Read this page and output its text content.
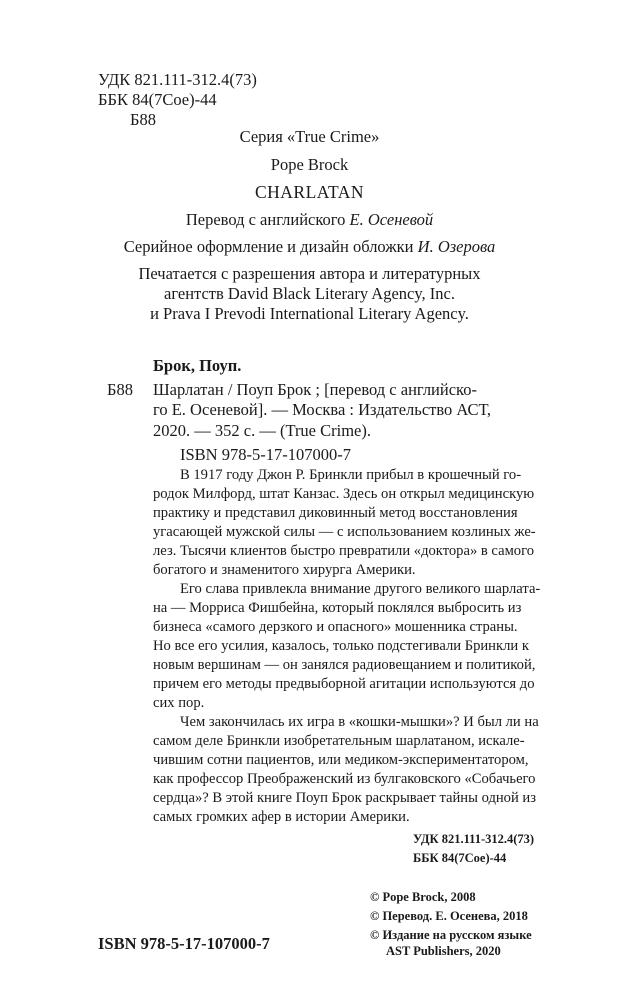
УДК 821.111-312.4(73)
ББК 84(7Сое)-44
Б88
Серия «True Crime»
Pope Brock
CHARLATAN
Перевод с английского Е. Осеневой
Серийное оформление и дизайн обложки И. Озерова
Печатается с разрешения автора и литературных
агентств David Black Literary Agency, Inc.
и Prava I Prevodi International Literary Agency.
Брок, Поуп.
Б88 Шарлатан / Поуп Брок ; [перевод с английско-
го Е. Осеневой]. — Москва : Издательство АСТ,
2020. — 352 с. — (True Crime).
ISBN 978-5-17-107000-7
В 1917 году Джон Р. Бринкли прибыл в крошечный го-
родок Милфорд, штат Канзас. Здесь он открыл медицинскую
практику и представил диковинный метод восстановления
угасающей мужской силы — с использованием козлиных же-
лез. Тысячи клиентов быстро превратили «доктора» в самого
богатого и знаменитого хирурга Америки.
Его слава привлекла внимание другого великого шарлата-
на — Морриса Фишбейна, который поклялся выбросить из
бизнеса «самого дерзкого и опасного» мошенника страны.
Но все его усилия, казалось, только подстегивали Бринкли к
новым вершинам — он занялся радиовещанием и политикой,
причем его методы предвыборной агитации используются до
сих пор.
Чем закончилась их игра в «кошки-мышки»? И был ли на
самом деле Бринкли изобретательным шарлатаном, искале-
чившим сотни пациентов, или медиком-экспериментатором,
как профессор Преображенский из булгаковского «Собачьего
сердца»? В этой книге Поуп Брок раскрывает тайны одной из
самых громких афер в истории Америки.
УДК 821.111-312.4(73)
ББК 84(7Сое)-44
© Pope Brock, 2008
© Перевод. Е. Осенева, 2018
© Издание на русском языке
AST Publishers, 2020
ISBN 978-5-17-107000-7
